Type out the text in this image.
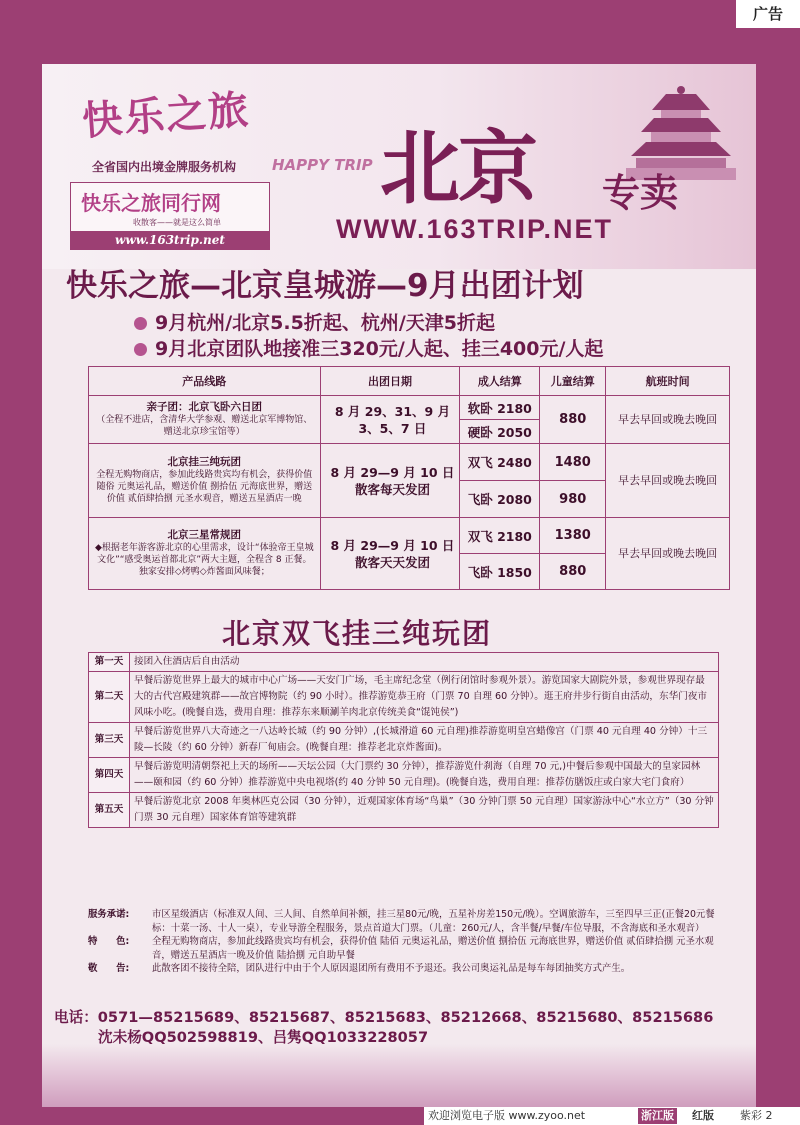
广告
快乐之旅
HAPPY TRIP
全省国内出境金牌服务机构
快乐之旅同行网
收散客——就是这么简单
www.163trip.net
北京 专卖
WWW.163TRIP.NET
快乐之旅—北京皇城游—9月出团计划
9月杭州/北京5.5折起、杭州/天津5折起
9月北京团队地接准三320元/人起、挂三400元/人起
产品线路	出团日期	成人结算	儿童结算	航班时间
亲子团：北京飞卧六日团
（全程不进店，含清华大学参观、赠送北京军博物馆、赠送北京珍宝馆等）	8 月 29、31、9 月 3、5、7 日	软卧 2180	880	早去早回或晚去晚回
		硬卧 2050		
北京挂三纯玩团
全程无购物商店，参加此线路贵宾均有机会，获得价值 随俗 元奥运礼品，赠送价值 捌拾伍 元海底世界，赠送价值 贰佰肆拾捌 元圣水观音，赠送五星酒店一晚	8 月 29—9 月 10 日 散客每天发团	双飞 2480	1480	早去早回或晚去晚回
		飞卧 2080	980	
北京三星常规团
◆根据老年游客游北京的心里需求，设计“体验帝王皇城文化”“感受奥运首都北京”两大主题，全程含 8 正餐。独家安排◇烤鸭◇炸酱面风味餐；	8 月 29—9 月 10 日 散客天天发团	双飞 2180	1380	早去早回或晚去晚回
		飞卧 1850	880	
北京双飞挂三纯玩团
第一天	接团入住酒店后自由活动
第二天	早餐后游览世界上最大的城市中心广场——天安门广场，毛主席纪念堂（例行闭馆时参观外景）。游览国家大剧院外景，参观世界现存最大的古代宫殿建筑群——故宫博物院（约 90 小时）。推荐游览恭王府（门票 70 自理 60 分钟）。逛王府井步行街自由活动，东华门夜市风味小吃。(晚餐自选，费用自理：推荐东来顺涮羊肉北京传统美食“馄饨侯”)
第三天	早餐后游览世界八大奇迹之一八达岭长城（约 90 分钟）,(长城滑道 60 元自理)推荐游览明皇宫蜡像宫（门票 40 元自理 40 分钟）十三陵—长陵（约 60 分钟）新春厂甸庙会。(晚餐自理：推荐老北京炸酱面)。
第四天	早餐后游览明清朝祭祀上天的场所——天坛公园（大门票约 30 分钟），推荐游览什刹海（自理 70 元,)中餐后参观中国最大的皇家园林——颐和园（约 60 分钟）推荐游览中央电视塔(约 40 分钟 50 元自理)。(晚餐自选，费用自理：推荐仿膳饭庄或白家大宅门食府）
第五天	早餐后游览北京 2008 年奥林匹克公园（30 分钟），近观国家体育场“鸟巢”（30 分钟门票 50 元自理）国家游泳中心“水立方”（30 分钟门票 30 元自理）国家体育馆等建筑群
服务承诺:	市区星级酒店（标准双人间、三人间、自然单间补额，挂三星80元/晚，五星补房差150元/晚）。空调旅游车，三至四早三正(正餐20元餐标：十菜一汤、十人一桌），专业导游全程服务，景点首道大门票。（儿童：260元/人，含半餐/早餐/车位导服，不含海底和圣水观音）
特　　色:	全程无购物商店，参加此线路贵宾均有机会，获得价值 陆佰 元奥运礼品，赠送价值 捌拾伍 元海底世界，赠送价值 贰佰肆拾捌 元圣水观音，赠送五星酒店一晚及价值 陆拾捌 元自助早餐
敬　　告:	此散客团不接待全陪，团队进行中由于个人原因退团所有费用不予退还。我公司奥运礼品是每车每团抽奖方式产生。
电话：0571—85215689、85215687、85215683、85212668、85215680、85215686
沈未杨QQ502598819、吕隽QQ1033228057
欢迎浏览电子版 www.zyoo.net	浙江版 红版 紫彩 2
